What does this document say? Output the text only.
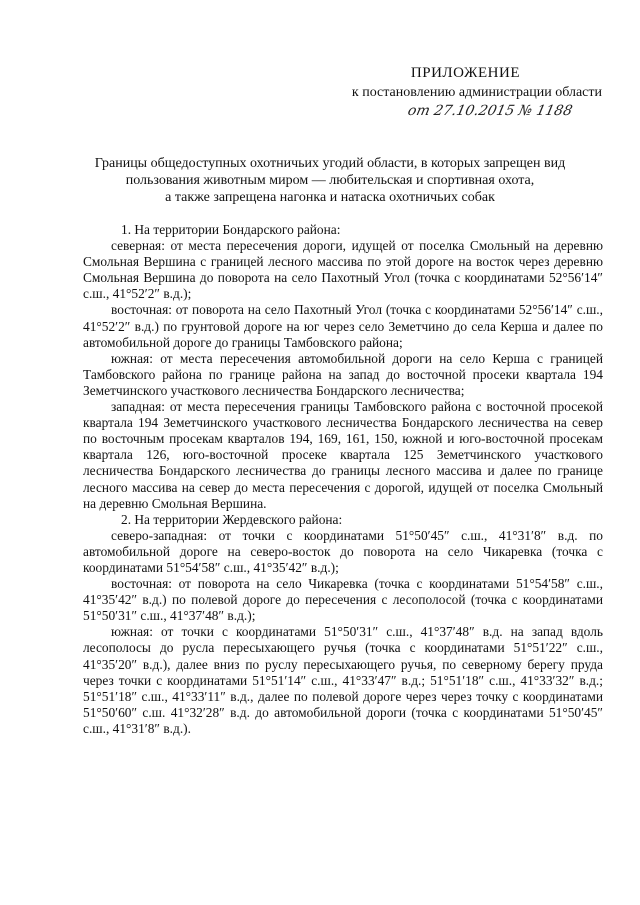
ПРИЛОЖЕНИЕ
к постановлению администрации области
от 27.10.2015 № 1188
Границы общедоступных охотничьих угодий области, в которых запрещен вид
пользования животным миром — любительская и спортивная охота,
а также запрещена нагонка и натаска охотничьих собак

1. На территории Бондарского района:

северная: от места пересечения дороги, идущей от поселка Смольный на деревню Смольная Вершина с границей лесного массива по этой дороге на восток через деревню Смольная Вершина до поворота на село Пахотный Угол (точка с координатами 52°56′14″ с.ш., 41°52′2″ в.д.);

восточная: от поворота на село Пахотный Угол (точка с координатами 52°56′14″ с.ш., 41°52′2″ в.д.) по грунтовой дороге на юг через село Земетчино до села Керша и далее по автомобильной дороге до границы Тамбовского района;

южная: от места пересечения автомобильной дороги на село Керша с границей Тамбовского района по границе района на запад до восточной просеки квартала 194 Земетчинского участкового лесничества Бондарского лесничества;

западная: от места пересечения границы Тамбовского района с восточной просекой квартала 194 Земетчинского участкового лесничества Бондарского лесничества на север по восточным просекам кварталов 194, 169, 161, 150, южной и юго-восточной просекам квартала 126, юго-восточной просеке квартала 125 Земетчинского участкового лесничества Бондарского лесничества до границы лесного массива и далее по границе лесного массива на север до места пересечения с дорогой, идущей от поселка Смольный на деревню Смольная Вершина.

2. На территории Жердевского района:

северо-западная: от точки с координатами 51°50′45″ с.ш., 41°31′8″ в.д. по автомобильной дороге на северо-восток до поворота на село Чикаревка (точка с координатами 51°54′58″ с.ш., 41°35′42″ в.д.);

восточная: от поворота на село Чикаревка (точка с координатами 51°54′58″ с.ш., 41°35′42″ в.д.) по полевой дороге до пересечения с лесополосой (точка с координатами 51°50′31″ с.ш., 41°37′48″ в.д.);

южная: от точки с координатами 51°50′31″ с.ш., 41°37′48″ в.д. на запад вдоль лесополосы до русла пересыхающего ручья (точка с координатами 51°51′22″ с.ш., 41°35′20″ в.д.), далее вниз по руслу пересыхающего ручья, по северному берегу пруда через точки с координатами 51°51′14″ с.ш., 41°33′47″ в.д.; 51°51′18″ с.ш., 41°33′32″ в.д.; 51°51′18″ с.ш., 41°33′11″ в.д., далее по полевой дороге через через точку с координатами 51°50′60″ с.ш. 41°32′28″ в.д. до автомобильной дороги (точка с координатами 51°50′45″ с.ш., 41°31′8″ в.д.).
